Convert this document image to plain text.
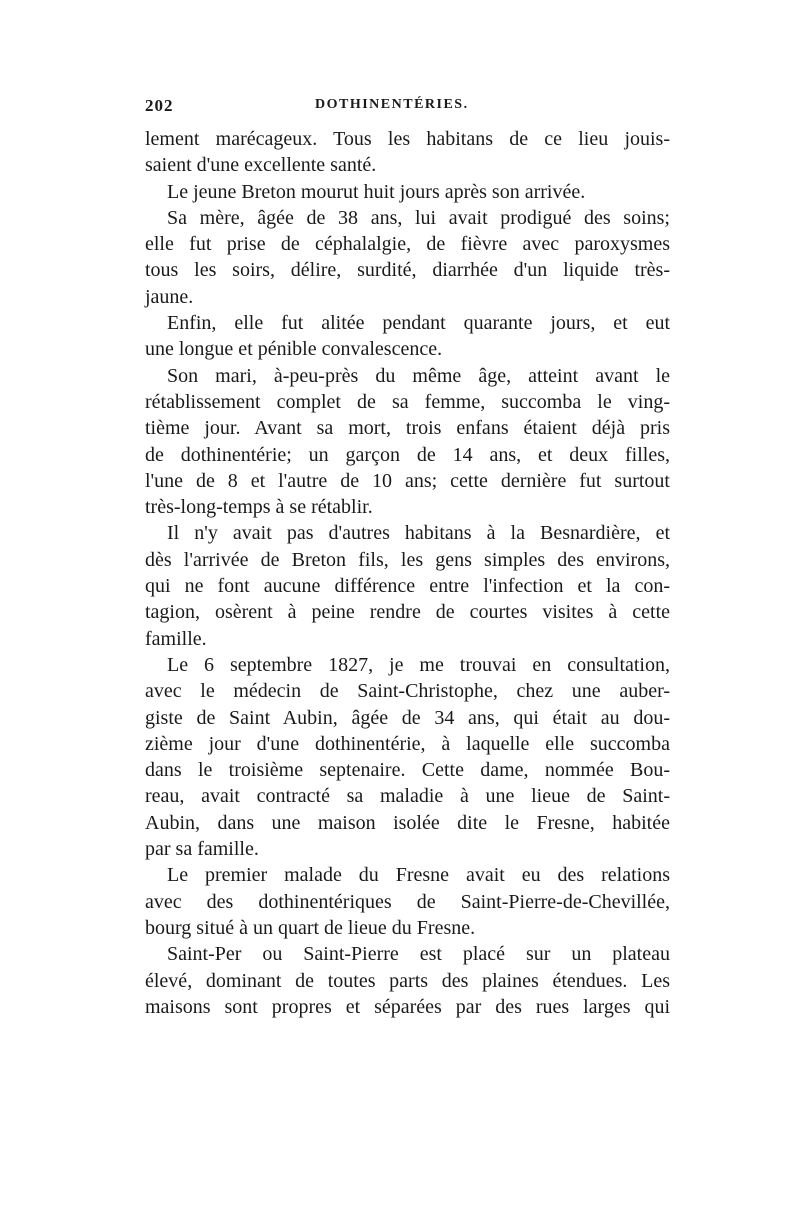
202	DOTHINENTÉRIES.
lement marécageux. Tous les habitans de ce lieu jouis-
saient d'une excellente santé.
Le jeune Breton mourut huit jours après son arrivée.
Sa mère, âgée de 38 ans, lui avait prodigué des soins;
elle fut prise de céphalalgie, de fièvre avec paroxysmes
tous les soirs, délire, surdité, diarrhée d'un liquide très-
jaune.
Enfin, elle fut alitée pendant quarante jours, et eut
une longue et pénible convalescence.
Son mari, à-peu-près du même âge, atteint avant le
rétablissement complet de sa femme, succomba le ving-
tième jour. Avant sa mort, trois enfans étaient déjà pris
de dothinentérie; un garçon de 14 ans, et deux filles,
l'une de 8 et l'autre de 10 ans; cette dernière fut surtout
très-long-temps à se rétablir.
Il n'y avait pas d'autres habitans à la Besnardière, et
dès l'arrivée de Breton fils, les gens simples des environs,
qui ne font aucune différence entre l'infection et la con-
tagion, osèrent à peine rendre de courtes visites à cette
famille.
Le 6 septembre 1827, je me trouvai en consultation,
avec le médecin de Saint-Christophe, chez une auber-
giste de Saint Aubin, âgée de 34 ans, qui était au dou-
zième jour d'une dothinentérie, à laquelle elle succomba
dans le troisième septenaire. Cette dame, nommée Bou-
reau, avait contracté sa maladie à une lieue de Saint-
Aubin, dans une maison isolée dite le Fresne, habitée
par sa famille.
Le premier malade du Fresne avait eu des relations
avec des dothinentériques de Saint-Pierre-de-Chevillée,
bourg situé à un quart de lieue du Fresne.
Saint-Per ou Saint-Pierre est placé sur un plateau
élevé, dominant de toutes parts des plaines étendues. Les
maisons sont propres et séparées par des rues larges qui
